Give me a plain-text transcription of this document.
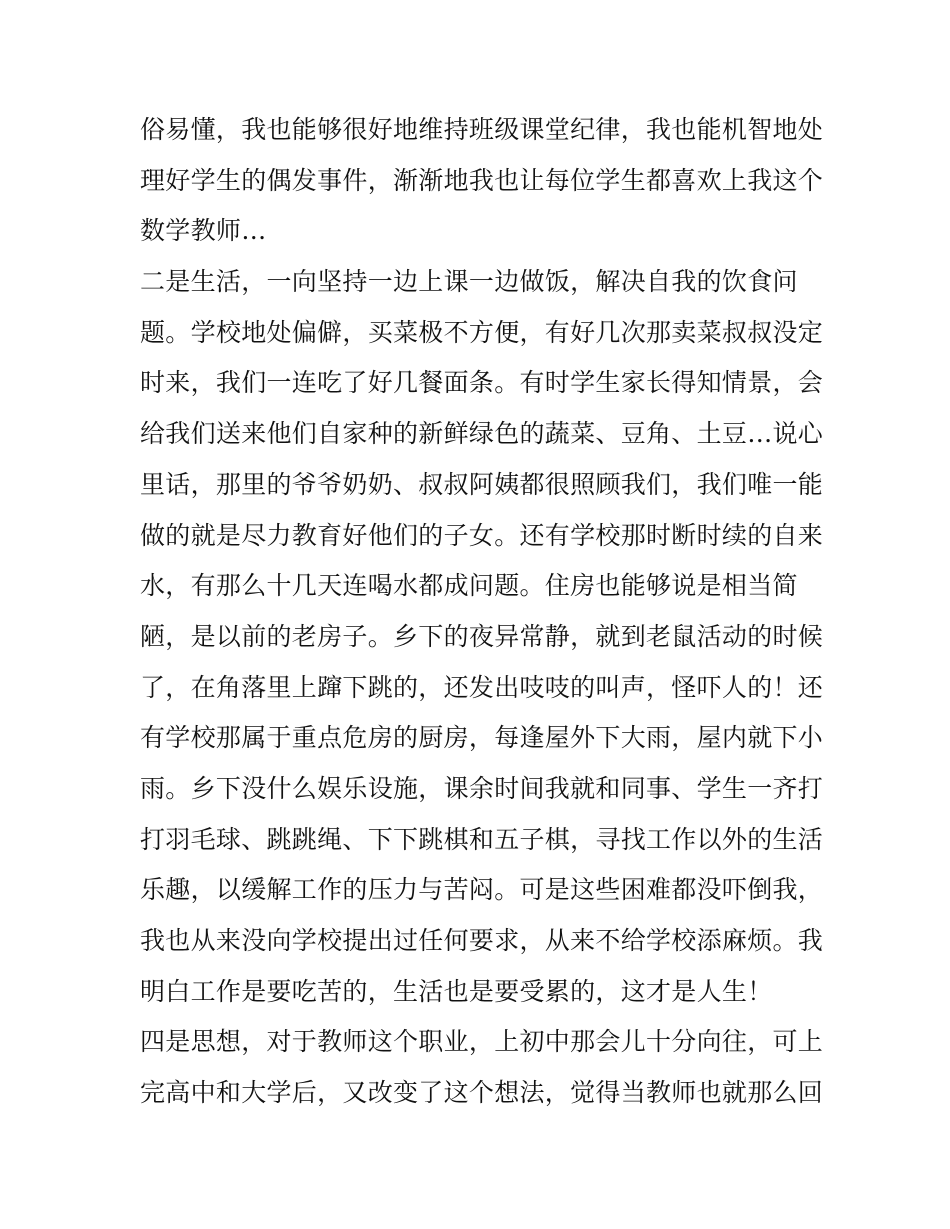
俗易懂，我也能够很好地维持班级课堂纪律，我也能机智地处
理好学生的偶发事件，渐渐地我也让每位学生都喜欢上我这个
数学教师…
二是生活，一向坚持一边上课一边做饭，解决自我的饮食问
题。学校地处偏僻，买菜极不方便，有好几次那卖菜叔叔没定
时来，我们一连吃了好几餐面条。有时学生家长得知情景，会
给我们送来他们自家种的新鲜绿色的蔬菜、豆角、土豆…说心
里话，那里的爷爷奶奶、叔叔阿姨都很照顾我们，我们唯一能
做的就是尽力教育好他们的子女。还有学校那时断时续的自来
水，有那么十几天连喝水都成问题。住房也能够说是相当简
陋，是以前的老房子。乡下的夜异常静，就到老鼠活动的时候
了，在角落里上蹿下跳的，还发出吱吱的叫声，怪吓人的！还
有学校那属于重点危房的厨房，每逢屋外下大雨，屋内就下小
雨。乡下没什么娱乐设施，课余时间我就和同事、学生一齐打
打羽毛球、跳跳绳、下下跳棋和五子棋，寻找工作以外的生活
乐趣，以缓解工作的压力与苦闷。可是这些困难都没吓倒我，
我也从来没向学校提出过任何要求，从来不给学校添麻烦。我
明白工作是要吃苦的，生活也是要受累的，这才是人生！
四是思想，对于教师这个职业，上初中那会儿十分向往，可上
完高中和大学后，又改变了这个想法，觉得当教师也就那么回
